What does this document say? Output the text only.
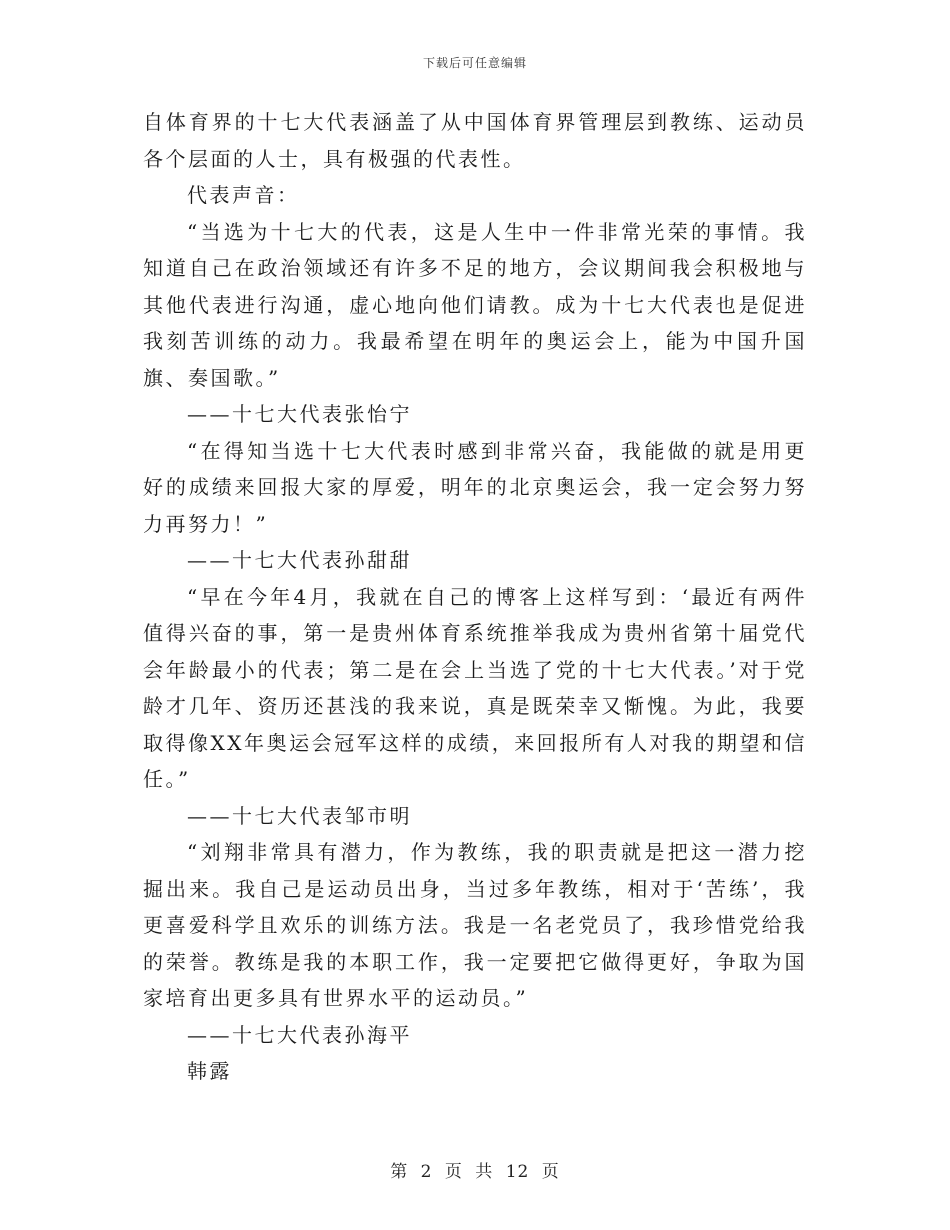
下载后可任意编辑

自体育界的十七大代表涵盖了从中国体育界管理层到教练、运动员各个层面的人士，具有极强的代表性。

代表声音：

“当选为十七大的代表，这是人生中一件非常光荣的事情。我知道自己在政治领域还有许多不足的地方，会议期间我会积极地与其他代表进行沟通，虚心地向他们请教。成为十七大代表也是促进我刻苦训练的动力。我最希望在明年的奥运会上，能为中国升国旗、奏国歌。”

——十七大代表张怡宁

“在得知当选十七大代表时感到非常兴奋，我能做的就是用更好的成绩来回报大家的厚爱，明年的北京奥运会，我一定会努力努力再努力！”

——十七大代表孙甜甜

“早在今年4月，我就在自己的博客上这样写到：‘最近有两件值得兴奋的事，第一是贵州体育系统推举我成为贵州省第十届党代会年龄最小的代表；第二是在会上当选了党的十七大代表。’对于党龄才几年、资历还甚浅的我来说，真是既荣幸又惭愧。为此，我要取得像XX年奥运会冠军这样的成绩，来回报所有人对我的期望和信任。”

——十七大代表邹市明

“刘翔非常具有潜力，作为教练，我的职责就是把这一潜力挖掘出来。我自己是运动员出身，当过多年教练，相对于‘苦练’，我更喜爱科学且欢乐的训练方法。我是一名老党员了，我珍惜党给我的荣誉。教练是我的本职工作，我一定要把它做得更好，争取为国家培育出更多具有世界水平的运动员。”

——十七大代表孙海平

韩露

第 2 页 共 12 页
